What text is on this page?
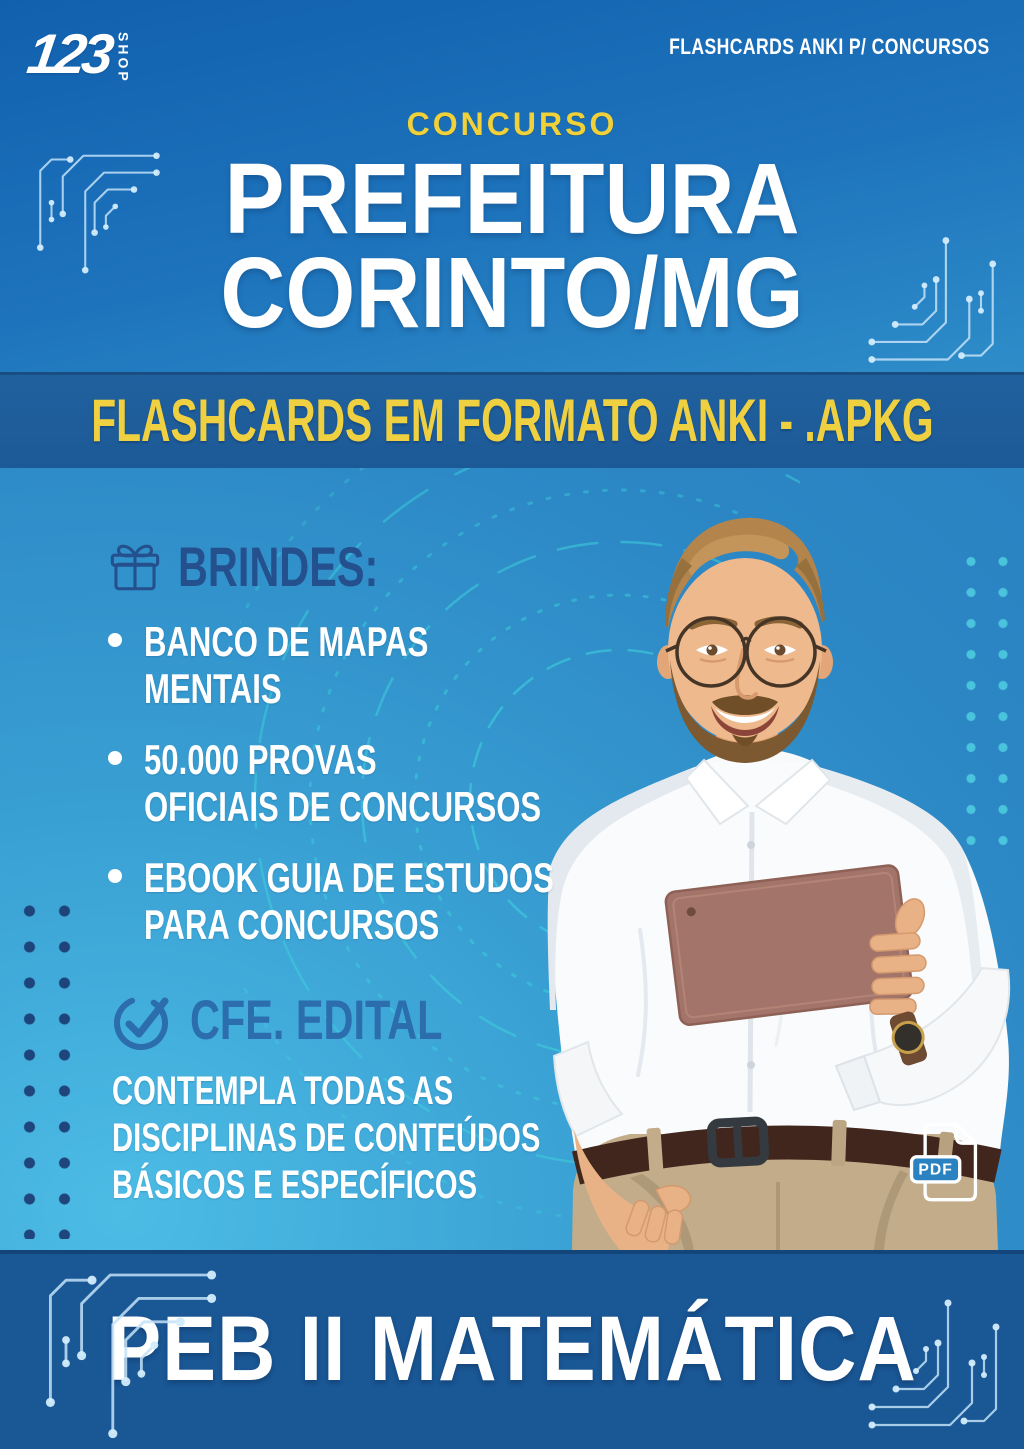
123 SHOP	FLASHCARDS ANKI P/ CONCURSOS
CONCURSO
PREFEITURA
CORINTO/MG
FLASHCARDS EM FORMATO ANKI - .APKG
BRINDES:
BANCO DE MAPAS
MENTAIS
50.000 PROVAS
OFICIAIS DE CONCURSOS
EBOOK GUIA DE ESTUDOS
PARA CONCURSOS
CFE. EDITAL
CONTEMPLA TODAS AS
DISCIPLINAS DE CONTEÚDOS
BÁSICOS E ESPECÍFICOS	PDF
PEB II MATEMÁTICA
